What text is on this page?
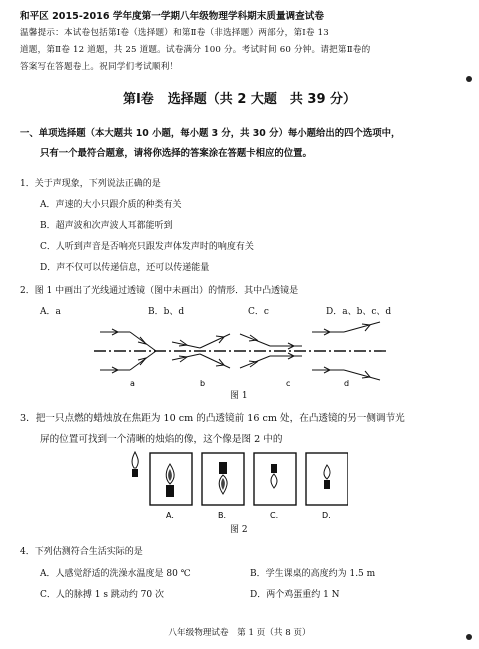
和平区 2015-2016 学年度第一学期八年级物理学科期末质量调查试卷
温馨提示：本试卷包括第Ⅰ卷（选择题）和第Ⅱ卷（非选择题）两部分，第Ⅰ卷 13
道题，第Ⅱ卷 12 道题，共 25 道题。试卷满分 100 分。考试时间 60 分钟。请把第Ⅱ卷的
答案写在答题卷上。祝同学们考试顺利！
第Ⅰ卷 选择题（共 2 大题　共 39 分）
一、单项选择题（本大题共 10 小题，每小题 3 分，共 30 分）每小题给出的四个选项中，
只有一个最符合题意，请将你选择的答案涂在答题卡相应的位置。
1．关于声现象，下列说法正确的是
A．声速的大小只跟介质的种类有关
B．超声波和次声波人耳都能听到
C．人听到声音是否响亮只跟发声体发声时的响度有关
D．声不仅可以传递信息，还可以传递能量
2．图 1 中画出了光线通过透镜（图中未画出）的情形．其中凸透镜是
A．a	B．b、d	C．c	D．a、b、c、d
a	b	c	d
图 1
3．把一只点燃的蜡烛放在焦距为 10 cm 的凸透镜前 16 cm 处，在凸透镜的另一侧调节光
屏的位置可找到一个清晰的烛焰的像，这个像是图 2 中的
A.	B.	C.	D.
图 2
4．下列估测符合生活实际的是
A．人感觉舒适的洗澡水温度是 80 ℃	B．学生课桌的高度约为 1.5 m
C．人的脉搏 1 s 跳动约 70 次	D．两个鸡蛋重约 1 N
八年级物理试卷　第 1 页（共 8 页）
